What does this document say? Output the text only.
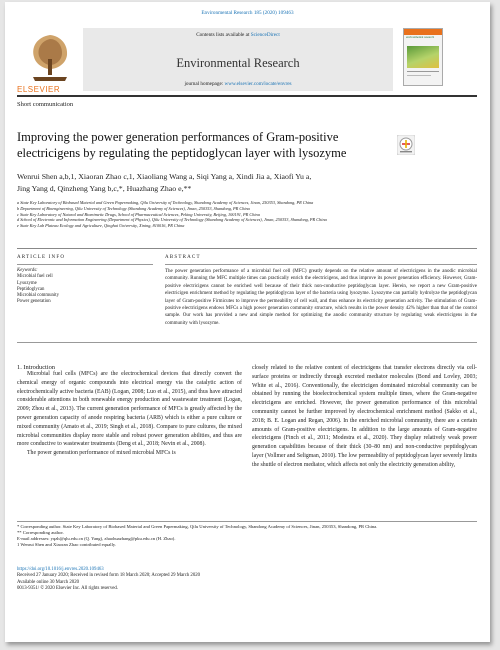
Environmental Research 185 (2020) 109463
ELSEVIER
Contents lists available at ScienceDirect
Environmental Research
journal homepage: www.elsevier.com/locate/envres
environmental research
Short communication
Improving the power generation performances of Gram-positive electricigens by regulating the peptidoglycan layer with lysozyme
Wenrui Shen a,b,1, Xiaoran Zhao c,1, Xiaoliang Wang a, Siqi Yang a, Xindi Jia a, Xiaofi Yu a,
Jing Yang d, Qinzheng Yang b,c,*, Huazhang Zhao e,**
a State Key Laboratory of Biobased Material and Green Papermaking, Qilu University of Technology, Shandong Academy of Sciences, Jinan, 250353, Shandong, PR China
b Department of Bioengineering, Qilu University of Technology (Shandong Academy of Sciences), Jinan, 250353, Shandong, PR China
c State Key Laboratory of Natural and Biomimetic Drugs, School of Pharmaceutical Sciences, Peking University, Beijing, 100191, PR China
d School of Electronic and Information Engineering (Department of Physics), Qilu University of Technology (Shandong Academy of Sciences), Jinan, 250353, Shandong, PR China
e State Key Lab Plateau Ecology and Agriculture, Qinghai University, Xining, 810016, PR China
ARTICLE INFO	ABSTRACT
Keywords:
Microbial fuel cell
Lysozyme
Peptidoglycan
Microbial community
Power generation
The power generation performance of a microbial fuel cell (MFC) greatly depends on the relative amount of electricigens in the anodic microbial community. Running the MFC multiple times can practically enrich the electricigens, and thus improve its power generation efficiency. However, Gram-positive electricigens cannot be enriched well because of their thick non-conductive peptidoglycan layer. Herein, we report a new Gram-positive electricigen enrichment method by regulating the peptidoglycan layer of the bacteria using lysozyme. Lysozyme can partially hydrolyze the peptidoglycan layer of Gram-positive Firmicutes to improve the permeability of cell wall, and thus enhance its electricity generation activity. The stimulation of Gram-positive electricigens endows MFCs a high power generation community structure, which results in the power density 42% higher than that of the control sample. Our work has provided a new and simple method for optimizing the anodic community structure by regulating weak electricigens in the community with lysozyme.
1. Introduction

Microbial fuel cells (MFCs) are the electrochemical devices that directly convert the chemical energy of organic compounds into electrical energy via the catalytic action of electrochemically active bacteria (EAB) (Logan, 2008; Luo et al., 2015), and thus have attracted considerable attentions in both renewable energy production and wastewater treatment (Logan, 2009; Zhou et al., 2013). The current generation performance of MFCs is greatly affected by the power generation capacity of anode respiring bacteria (ARB) which is either a pure culture or mixed community (Amato et al., 2019; Singh et al., 2018). Compare to pure cultures, the mixed microbial communities display more stable and robust power generation abilities, and thus are more conductive to wastewater treatments (Deng et al., 2018; Nevin et al., 2008).

The power generation performance of mixed microbial MFCs is

closely related to the relative content of electricigens that transfer electrons directly via cell-surface proteins or indirectly through excreted mediator molecules (Bond and Lovley, 2003; White et al., 2016). Conventionally, the electricigen dominated microbial community can be obtained by running the bioelectrochemical system multiple times, where the Gram-negative electricigens are enriched. However, the power generation performance of this microbial community cannot be further improved by electrochemical enrichment method (Sakko et al., 2018; B. E. Logan and Regan, 2006). In the enriched microbial community, there are a certain amounts of Gram-positive electricigens. In addition to the large amounts of Gram-negative electricigens (Finch et al., 2011; Modestra et al., 2020). They display relatively weak power generation capabilities because of their thick (30–80 nm) and non-conductive peptidoglycan layer (Vollmer and Seligman, 2010). The low permeability of peptidoglycan layer severely limits the shuttle of electron mediator, which affects not only the electricity generation ability,

* Corresponding author. State Key Laboratory of Biobased Material and Green Papermaking, Qilu University of Technology, Shandong Academy of Sciences, Jinan, 250353, Shandong, PR China.
** Corresponding author.
E-mail addresses: yqzh@qlu.edu.cn (Q. Yang), zhaohuazhang@pku.edu.cn (H. Zhao).
1 Wenrui Shen and Xiaoran Zhao contributed equally.
https://doi.org/10.1016/j.envres.2020.109463
Received 27 January 2020; Received in revised form 18 March 2020; Accepted 29 March 2020
Available online 30 March 2020
0013-9351/ © 2020 Elsevier Inc. All rights reserved.
